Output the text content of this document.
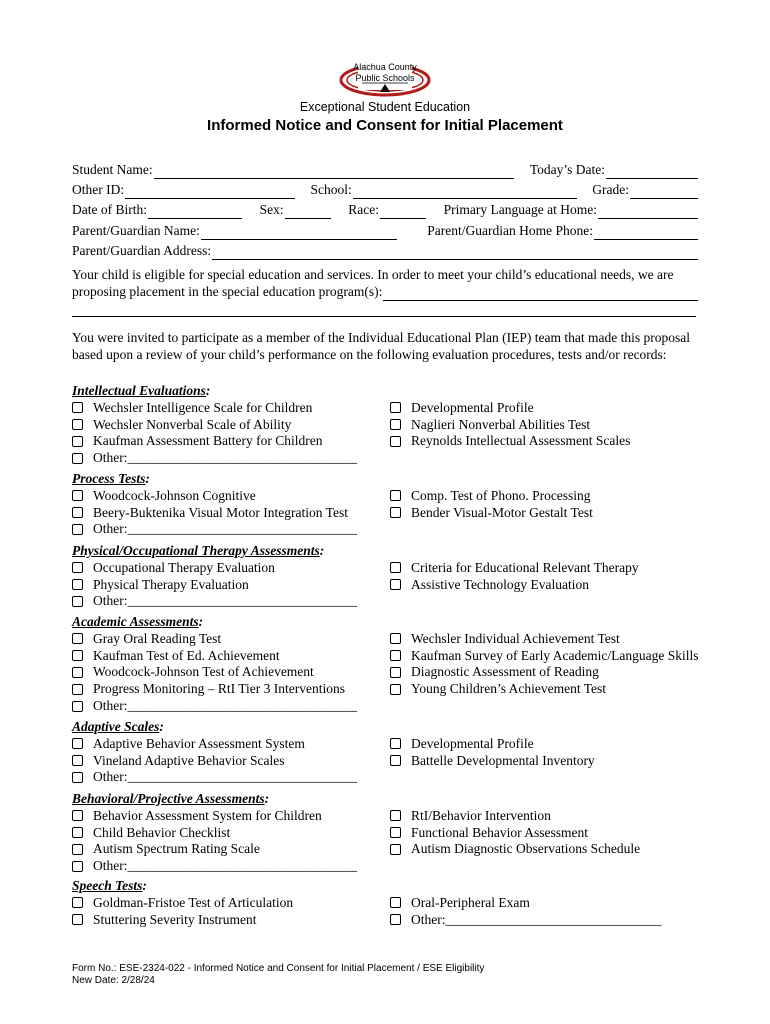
Alachua County
Public Schools
Exceptional Student Education
Informed Notice and Consent for Initial Placement
Student Name:	Today’s Date:
Other ID:	School:	Grade:
Date of Birth:	Sex:	Race:	Primary Language at Home:
Parent/Guardian Name:	Parent/Guardian Home Phone:
Parent/Guardian Address:
Your child is eligible for special education and services. In order to meet your child’s educational needs, we are
proposing placement in the special education program(s):
You were invited to participate as a member of the Individual Educational Plan (IEP) team that made this proposal based upon a review of your child’s performance on the following evaluation procedures, tests and/or records:
Intellectual Evaluations:
Wechsler Intelligence Scale for Children
Wechsler Nonverbal Scale of Ability
Kaufman Assessment Battery for Children
Other:__________________________________
Developmental Profile
Naglieri Nonverbal Abilities Test
Reynolds Intellectual Assessment Scales
Process Tests:
Woodcock-Johnson Cognitive
Beery-Buktenika Visual Motor Integration Test
Other:__________________________________
Comp. Test of Phono. Processing
Bender Visual-Motor Gestalt Test
Physical/Occupational Therapy Assessments:
Occupational Therapy Evaluation
Physical Therapy Evaluation
Other:__________________________________
Criteria for Educational Relevant Therapy
Assistive Technology Evaluation
Academic Assessments:
Gray Oral Reading Test
Kaufman Test of Ed. Achievement
Woodcock-Johnson Test of Achievement
Progress Monitoring – RtI Tier 3 Interventions
Other:__________________________________
Wechsler Individual Achievement Test
Kaufman Survey of Early Academic/Language Skills
Diagnostic Assessment of Reading
Young Children’s Achievement Test
Adaptive Scales:
Adaptive Behavior Assessment System
Vineland Adaptive Behavior Scales
Other:__________________________________
Developmental Profile
Battelle Developmental Inventory
Behavioral/Projective Assessments:
Behavior Assessment System for Children
Child Behavior Checklist
Autism Spectrum Rating Scale
Other:__________________________________
RtI/Behavior Intervention
Functional Behavior Assessment
Autism Diagnostic Observations Schedule
Speech Tests:
Goldman-Fristoe Test of Articulation
Stuttering Severity Instrument
Oral-Peripheral Exam
Other:________________________________
Form No.: ESE-2324-022 - Informed Notice and Consent for Initial Placement / ESE Eligibility
New Date: 2/28/24
